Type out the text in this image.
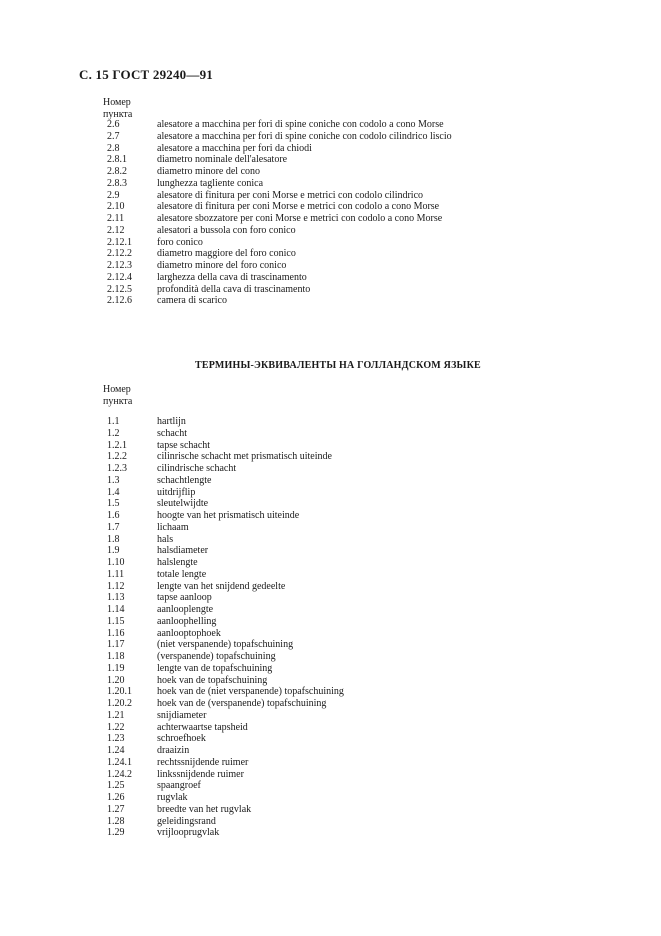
С. 15 ГОСТ 29240—91
Номер
пункта
2.6	alesatore a macchina per fori di spine coniche con codolo a cono Morse
2.7	alesatore a macchina per fori di spine coniche con codolo cilindrico liscio
2.8	alesatore a macchina per fori da chiodi
2.8.1	diametro nominale dell'alesatore
2.8.2	diametro minore del cono
2.8.3	lunghezza tagliente conica
2.9	alesatore di finitura per coni Morse e metrici con codolo cilindrico
2.10	alesatore di finitura per coni Morse e metrici con codolo a cono Morse
2.11	alesatore sbozzatore per coni Morse e metrici con codolo a cono Morse
2.12	alesatori a bussola con foro conico
2.12.1	foro conico
2.12.2	diametro maggiore del foro conico
2.12.3	diametro minore del foro conico
2.12.4	larghezza della cava di trascinamento
2.12.5	profondità della cava di trascinamento
2.12.6	camera di scarico
ТЕРМИНЫ-ЭКВИВАЛЕНТЫ НА ГОЛЛАНДСКОМ ЯЗЫКЕ
Номер
пункта
1.1	hartlijn
1.2	schacht
1.2.1	tapse schacht
1.2.2	cilinrische schacht met prismatisch uiteinde
1.2.3	cilindrische schacht
1.3	schachtlengte
1.4	uitdrijflip
1.5	sleutelwijdte
1.6	hoogte van het prismatisch uiteinde
1.7	lichaam
1.8	hals
1.9	halsdiameter
1.10	halslengte
1.11	totale lengte
1.12	lengte van het snijdend gedeelte
1.13	tapse aanloop
1.14	aanlooplengte
1.15	aanloophelling
1.16	aanlooptophoek
1.17	(niet verspanende) topafschuining
1.18	(verspanende) topafschuining
1.19	lengte van de topafschuining
1.20	hoek van de topafschuining
1.20.1	hoek van de (niet verspanende) topafschuining
1.20.2	hoek van de (verspanende) topafschuining
1.21	snijdiameter
1.22	achterwaartse tapsheid
1.23	schroefhoek
1.24	draaizin
1.24.1	rechtssnijdende ruimer
1.24.2	linkssnijdende ruimer
1.25	spaangroef
1.26	rugvlak
1.27	breedte van het rugvlak
1.28	geleidingsrand
1.29	vrijlooprugvlak
